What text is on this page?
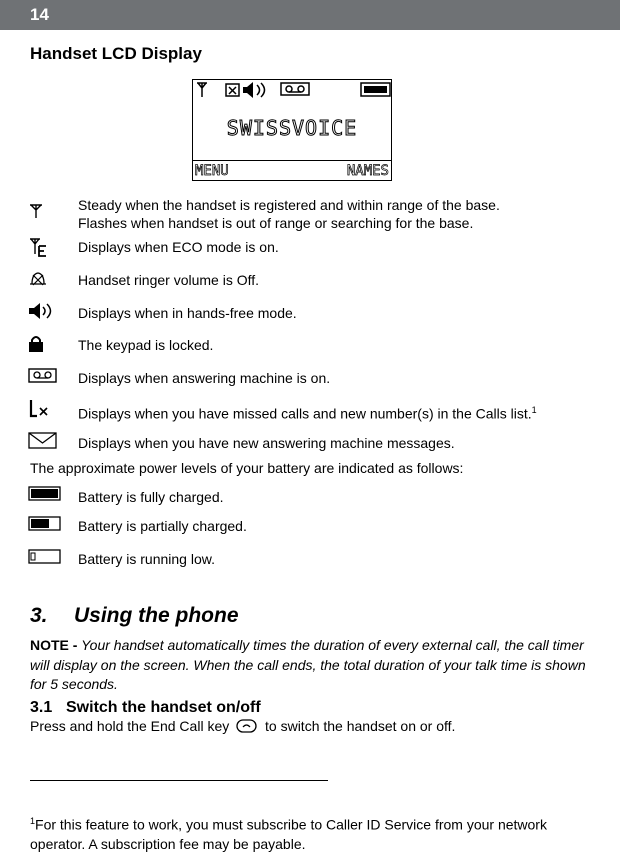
14
Handset LCD Display
SWISSVOICE
MENU	NAMES
Steady when the handset is registered and within range of the base.
Flashes when handset is out of range or searching for the base.
Displays when ECO mode is on.
Handset ringer volume is Off.
Displays when in hands-free mode.
The keypad is locked.
Displays when answering machine is on.
Displays when you have missed calls and new number(s) in the Calls list.$^1$
Displays when you have new answering machine messages.
The approximate power levels of your battery are indicated as follows:
Battery is fully charged.
Battery is partially charged.
Battery is running low.
3. Using the phone
NOTE - Your handset automatically times the duration of every external call, the call timer will display on the screen. When the call ends, the total duration of your talk time is shown for 5 seconds.
3.1 Switch the handset on/off
Press and hold the End Call key	to switch the handset on or off.
$^1$For this feature to work, you must subscribe to Caller ID Service from your network operator. A subscription fee may be payable.
